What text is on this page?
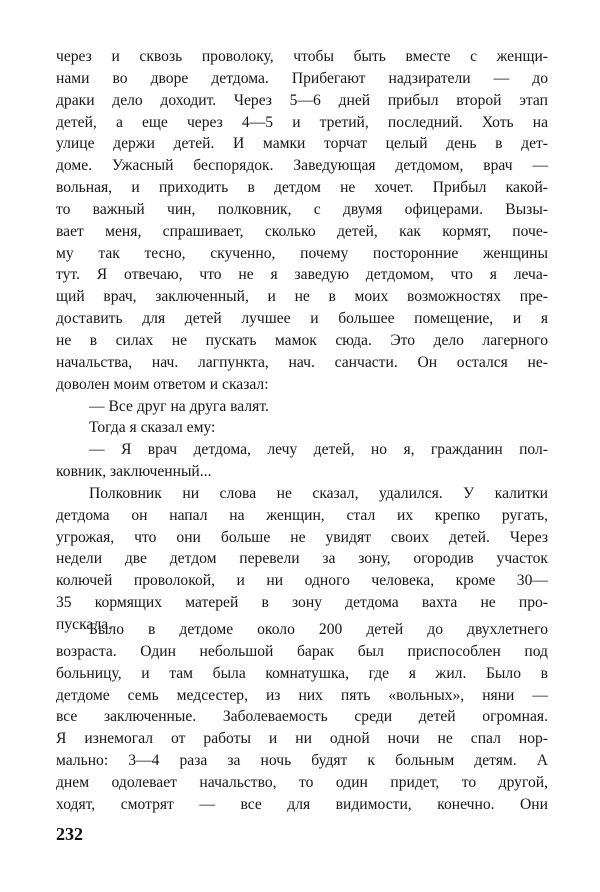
через и сквозь проволоку, чтобы быть вместе с женщи-
нами во дворе детдома. Прибегают надзиратели — до
драки дело доходит. Через 5—6 дней прибыл второй этап
детей, а еще через 4—5 и третий, последний. Хоть на
улице держи детей. И мамки торчат целый день в дет-
доме. Ужасный беспорядок. Заведующая детдомом, врач —
вольная, и приходить в детдом не хочет. Прибыл какой-
то важный чин, полковник, с двумя офицерами. Вызы-
вает меня, спрашивает, сколько детей, как кормят, поче-
му так тесно, скученно, почему посторонние женщины
тут. Я отвечаю, что не я заведую детдомом, что я леча-
щий врач, заключенный, и не в моих возможностях пре-
доставить для детей лучшее и большее помещение, и я
не в силах не пускать мамок сюда. Это дело лагерного
начальства, нач. лагпункта, нач. санчасти. Он остался не-
доволен моим ответом и сказал:

— Все друг на друга валят.

Тогда я сказал ему:

— Я врач детдома, лечу детей, но я, гражданин пол-
ковник, заключенный...

Полковник ни слова не сказал, удалился. У калитки
детдома он напал на женщин, стал их крепко ругать,
угрожая, что они больше не увидят своих детей. Через
недели две детдом перевели за зону, огородив участок
колючей проволокой, и ни одного человека, кроме 30—
35 кормящих матерей в зону детдома вахта не про-
пускала.

Было в детдоме около 200 детей до двухлетнего
возраста. Один небольшой барак был приспособлен под
больницу, и там была комнатушка, где я жил. Было в
детдоме семь медсестер, из них пять «вольных», няни —
все заключенные. Заболеваемость среди детей огромная.
Я изнемогал от работы и ни одной ночи не спал нор-
мально: 3—4 раза за ночь будят к больным детям. А
днем одолевает начальство, то один придет, то другой,
ходят, смотрят — все для видимости, конечно. Они

232
